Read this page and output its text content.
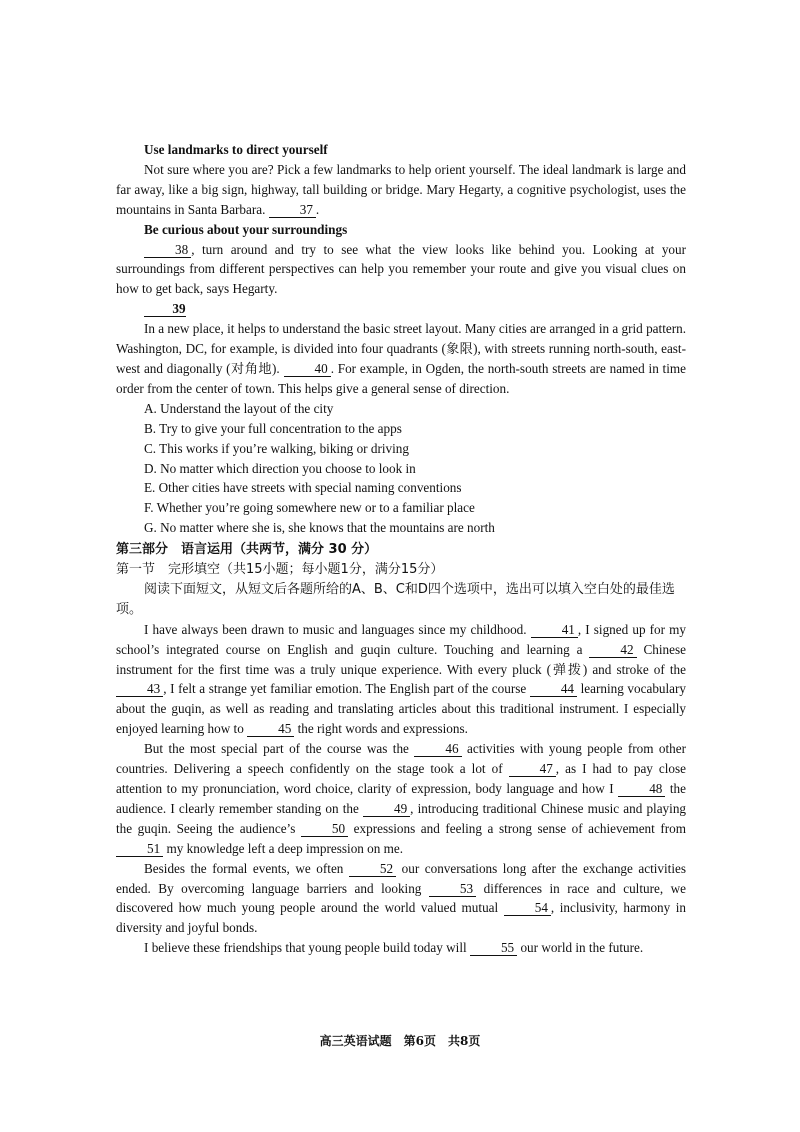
Use landmarks to direct yourself

Not sure where you are? Pick a few landmarks to help orient yourself. The ideal landmark is large and far away, like a big sign, highway, tall building or bridge. Mary Hegarty, a cognitive psychologist, uses the mountains in Santa Barbara.	37 .

Be curious about your surroundings

38 , turn around and try to see what the view looks like behind you. Looking at your surroundings from different perspectives can help you remember your route and give you visual clues on how to get back, says Hegarty.

39

In a new place, it helps to understand the basic street layout. Many cities are arranged in a grid pattern. Washington, DC, for example, is divided into four quadrants (象限), with streets running north-south, east-west and diagonally (对角地).	40 . For example, in Ogden, the north-south streets are named in time order from the center of town. This helps give a general sense of direction.

A. Understand the layout of the city
B. Try to give your full concentration to the apps
C. This works if you’re walking, biking or driving
D. No matter which direction you choose to look in
E. Other cities have streets with special naming conventions
F. Whether you’re going somewhere new or to a familiar place
G. No matter where she is, she knows that the mountains are north

第三部分　语言运用（共两节，满分 30 分）

第一节　完形填空（共15小题；每小题1分，满分15分）

阅读下面短文，从短文后各题所给的A、B、C和D四个选项中，选出可以填入空白处的最佳选项。

I have always been drawn to music and languages since my childhood.	41 , I signed up for my school’s integrated course on English and guqin culture. Touching and learning a	42 Chinese instrument for the first time was a truly unique experience. With every pluck (弹拨) and stroke of the 43 , I felt a strange yet familiar emotion. The English part of the course	44 learning vocabulary about the guqin, as well as reading and translating articles about this traditional instrument. I especially enjoyed learning how to	45 the right words and expressions.

But the most special part of the course was the	46 activities with young people from other countries. Delivering a speech confidently on the stage took a lot of	47 , as I had to pay close attention to my pronunciation, word choice, clarity of expression, body language and how I	48 the audience. I clearly remember standing on the	49 , introducing traditional Chinese music and playing the guqin. Seeing the audience’s	50 expressions and feeling a strong sense of achievement from 51 my knowledge left a deep impression on me.

Besides the formal events, we often	52 our conversations long after the exchange activities ended. By overcoming language barriers and looking	53 differences in race and culture, we discovered how much young people around the world valued mutual	54 , inclusivity, harmony in diversity and joyful bonds.

I believe these friendships that young people build today will	55 our world in the future.

高三英语试题 第6页 共8页
